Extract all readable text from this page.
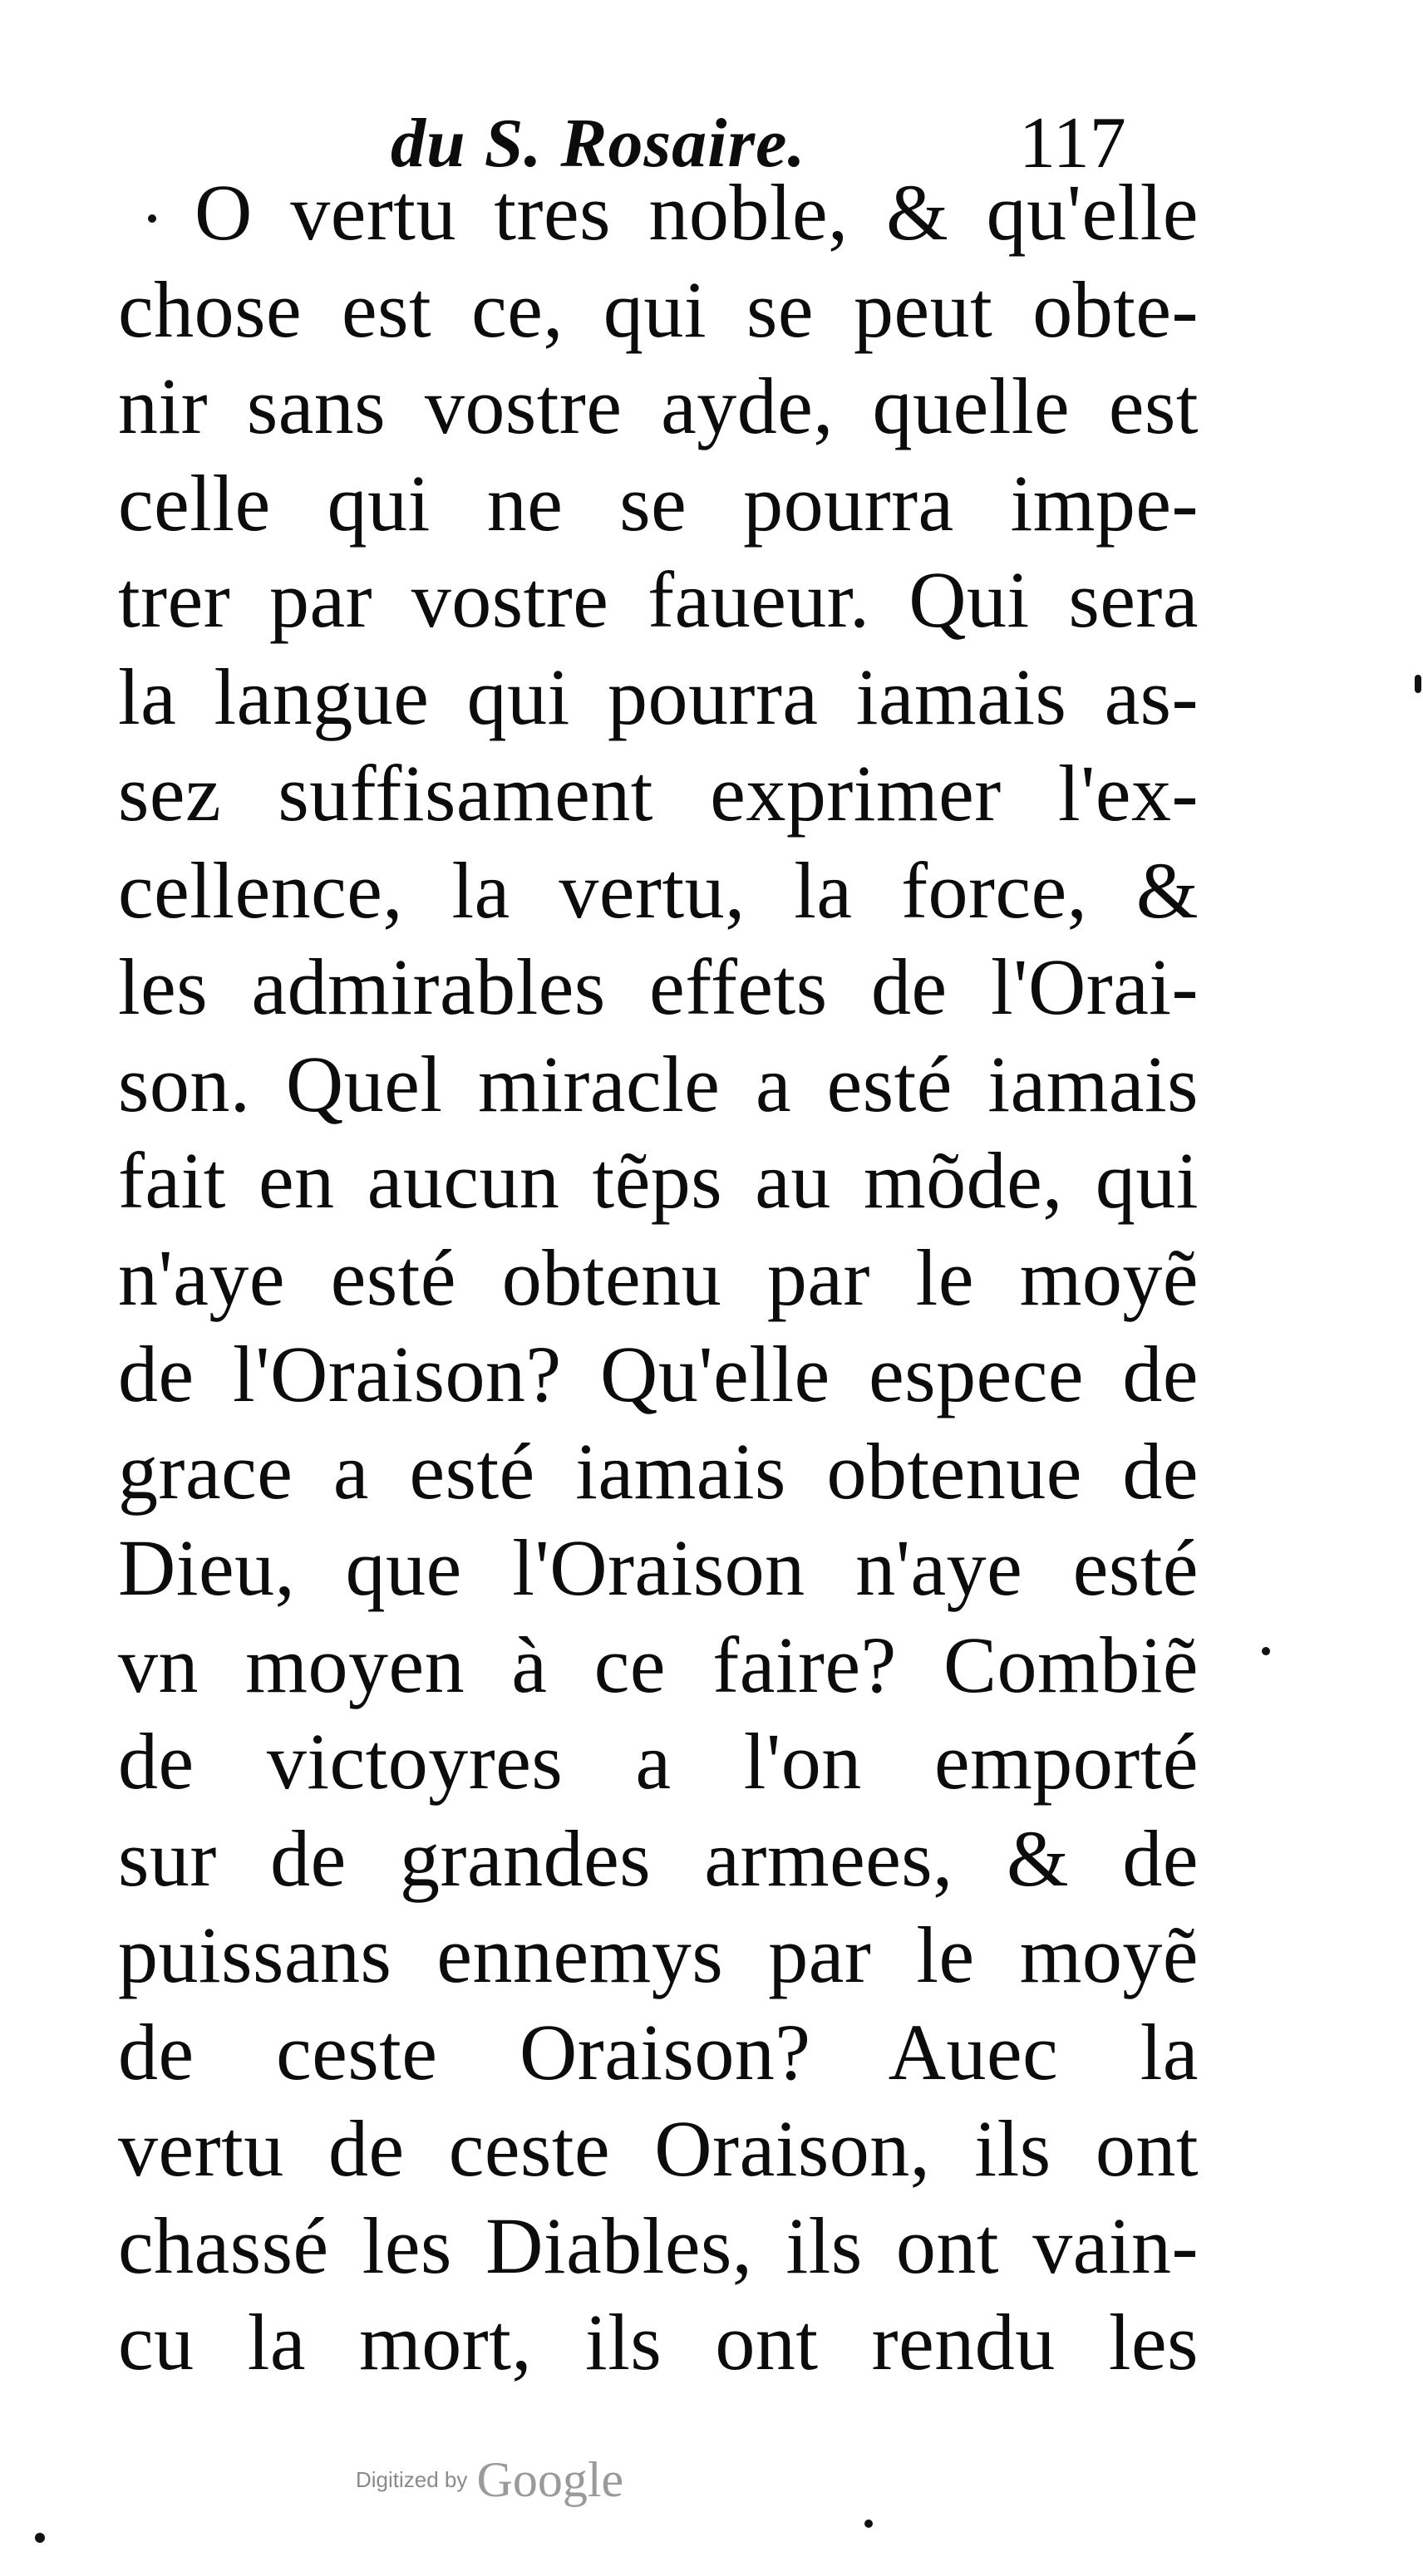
du S. Rosaire.	117
O vertu tres noble, & qu'elle
chose est ce, qui se peut obte-
nir sans vostre ayde, quelle est
celle qui ne se pourra impe-
trer par vostre faueur. Qui sera
la langue qui pourra iamais as-
sez suffisament exprimer l'ex-
cellence, la vertu, la force, &
les admirables effets de l'Orai-
son. Quel miracle a esté iamais
fait en aucun tẽps au mõde, qui
n'aye esté obtenu par le moyẽ
de l'Oraison? Qu'elle espece de
grace a esté iamais obtenue de
Dieu, que l'Oraison n'aye esté
vn moyen à ce faire? Combiẽ
de victoyres a l'on emporté
sur de grandes armees, & de
puissans ennemys par le moyẽ
de ceste Oraison? Auec la
vertu de ceste Oraison, ils ont
chassé les Diables, ils ont vain-
cu la mort, ils ont rendu les
Digitized by Google
